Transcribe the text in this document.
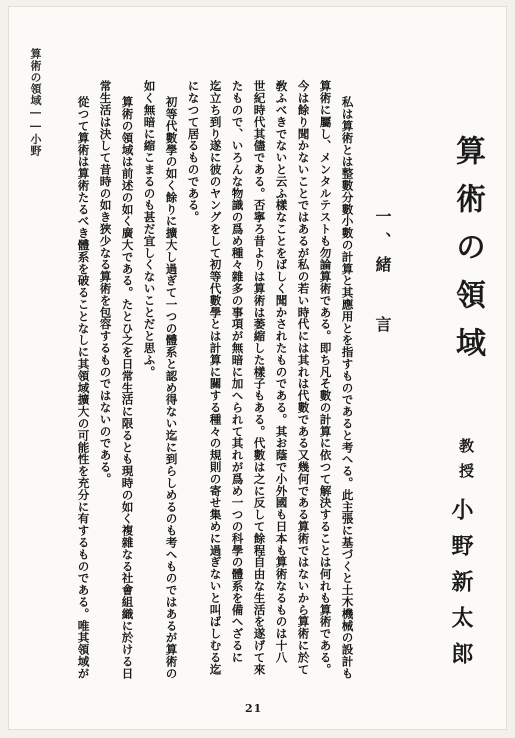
算術の領域――小野
算術の領域
教授
小野新太郎
一、緒言
私は算術とは整數分數小數の計算と其應用とを指すものであると考へる。此主張に基づくと土木機械の設計も
算術に屬し、メンタルテストも勿論算術である。即ち凡そ數の計算に依つて解決することは何れも算術である。
今は餘り聞かないことではあるが私の若い時代には其れは代數である又幾何である算術ではないから算術に於て
敎ふべきでないと云ふ樣なことをばしく聞かされたものである。其お蔭で小外國も日本も算術なるものは十八
世紀時代其儘である。否寧ろ昔よりは算術は萎縮した樣子もある。代數は之に反して餘程自由な生活を遂げて來
たもので、いろんな物識の爲め種々雜多の事項が無暗に加へられて其れが爲め一つの科學の體系を備へざるに
迄立ち到り遂に彼のヤングをして初等代數學とは計算に關する種々の規則の寄せ集めに過ぎないと叫ばしむる迄
になつて居るものである。
初等代數學の如く餘りに擴大し過ぎて一つの體系と認め得ない迄に到らしめるのも考へものではあるが算術の
如く無暗に縮こまるのも甚だ宜しくないことだと思ふ。
算術の領域は前述の如く廣大である。たとひ之を日常生活に限るとも現時の如く複雜なる社會組織に於ける日
常生活は決して昔時の如き狹少なる算術を包容するものではないのである。
從つて算術は算術たるべき體系を破ることなしに其領域擴大の可能性を充分に有するものである。唯其領域が
21
